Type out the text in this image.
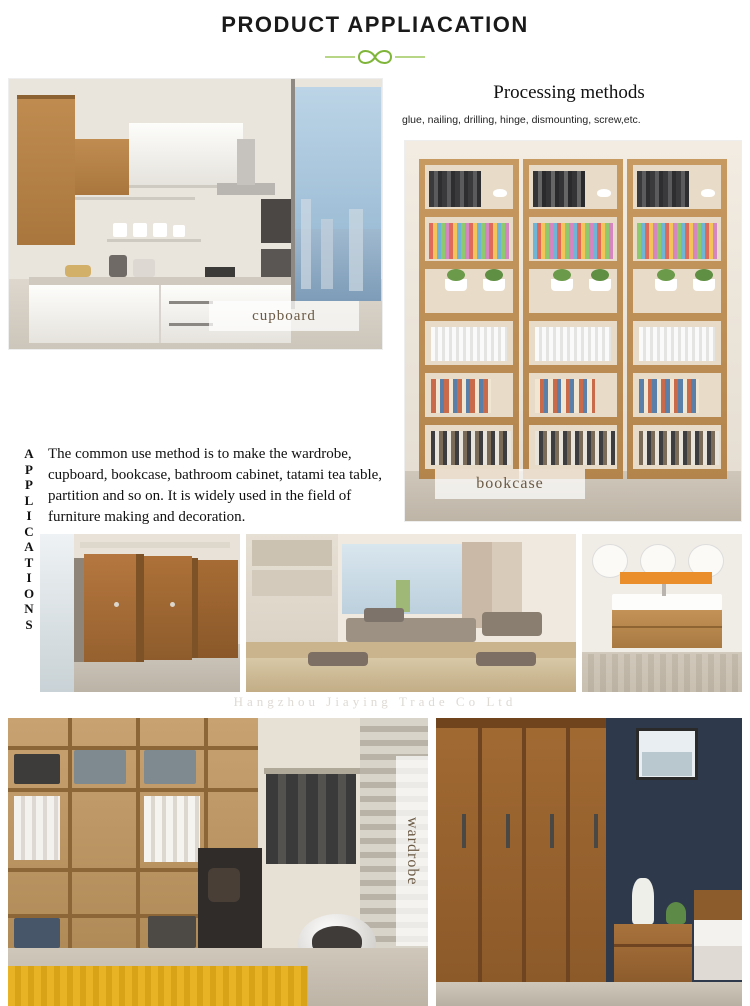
PRODUCT APPLIACATION
cupboard
Processing methods
glue, nailing, drilling, hinge, dismounting, screw,etc.
bookcase
A
P
P
L
I
C
A
T
I
O
N
S
The common use method is to make the wardrobe, cupboard, bookcase, bathroom cabinet, tatami tea table, partition and so on. It is widely used in the field of furniture making and decoration.
Hangzhou Jiaying Trade Co Ltd
wardrobe
